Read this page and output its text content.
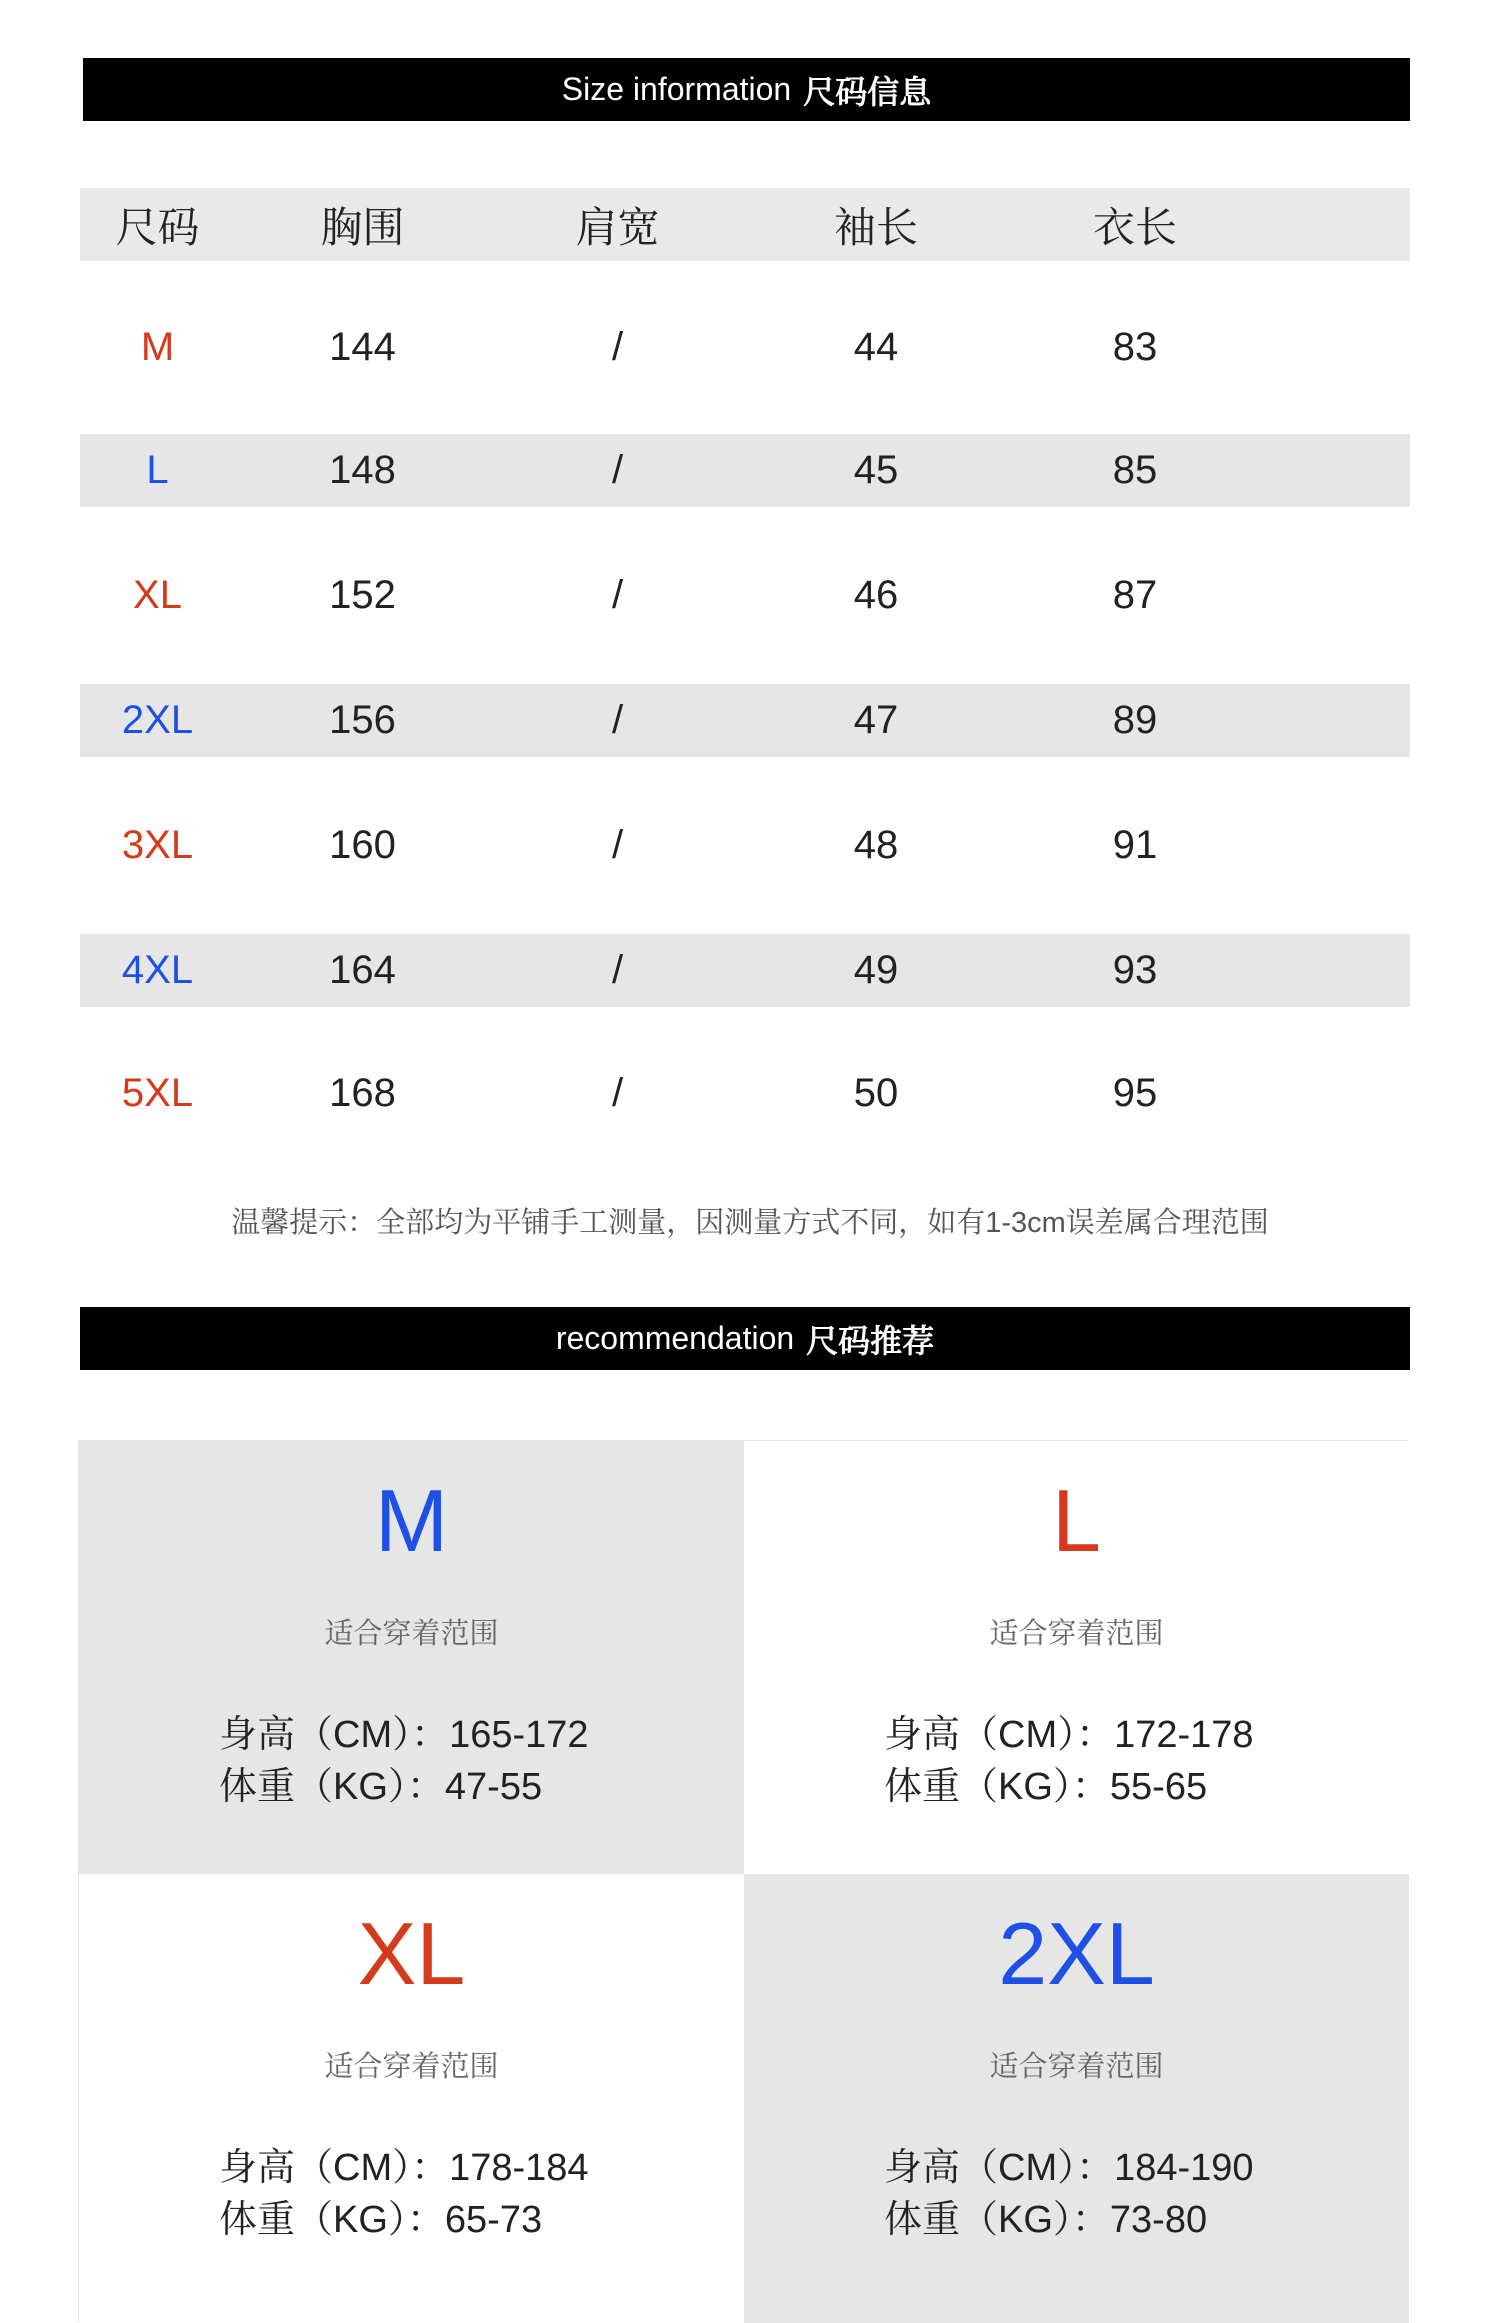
Size information 尺码信息
尺码	胸围	肩宽	袖长	衣长
M	144	/	44	83
L	148	/	45	85
XL	152	/	46	87
2XL	156	/	47	89
3XL	160	/	48	91
4XL	164	/	49	93
5XL	168	/	50	95
温馨提示：全部均为平铺手工测量，因测量方式不同，如有1-3cm误差属合理范围
recommendation 尺码推荐
M
适合穿着范围
身高（CM）：165-172
体重（KG）：47-55
L
适合穿着范围
身高（CM）：172-178
体重（KG）：55-65
XL
适合穿着范围
身高（CM）：178-184
体重（KG）：65-73
2XL
适合穿着范围
身高（CM）：184-190
体重（KG）：73-80
